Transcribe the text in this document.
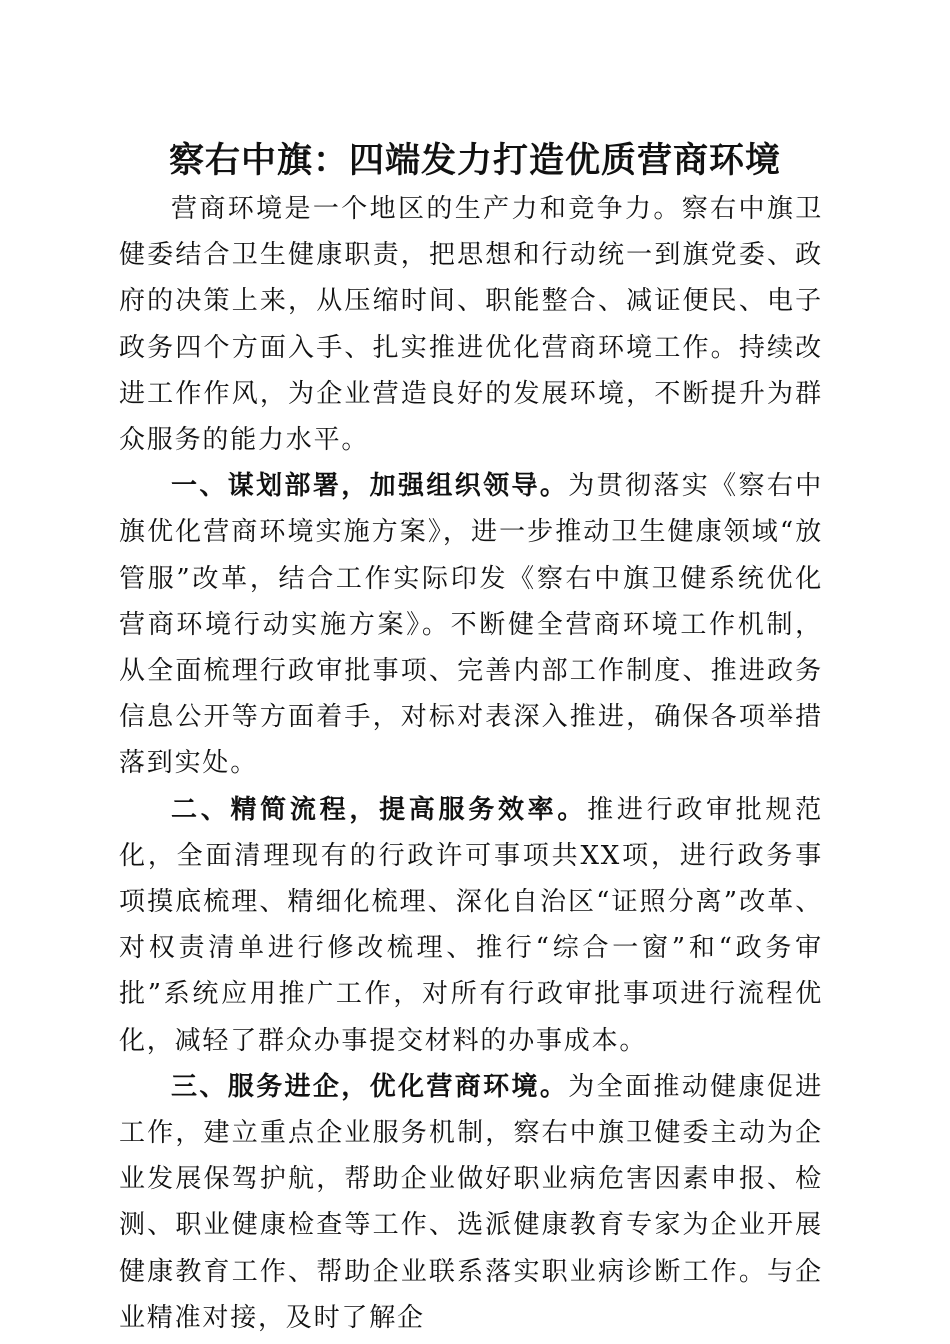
察右中旗：四端发力打造优质营商环境

营商环境是一个地区的生产力和竞争力。察右中旗卫健委结合卫生健康职责，把思想和行动统一到旗党委、政府的决策上来，从压缩时间、职能整合、减证便民、电子政务四个方面入手、扎实推进优化营商环境工作。持续改进工作作风，为企业营造良好的发展环境，不断提升为群众服务的能力水平。

一、谋划部署，加强组织领导。为贯彻落实《察右中旗优化营商环境实施方案》，进一步推动卫生健康领域“放管服”改革，结合工作实际印发《察右中旗卫健系统优化营商环境行动实施方案》。不断健全营商环境工作机制，从全面梳理行政审批事项、完善内部工作制度、推进政务信息公开等方面着手，对标对表深入推进，确保各项举措落到实处。

二、精简流程，提高服务效率。推进行政审批规范化，全面清理现有的行政许可事项共XX项，进行政务事项摸底梳理、精细化梳理、深化自治区“证照分离”改革、对权责清单进行修改梳理、推行“综合一窗”和“政务审批”系统应用推广工作，对所有行政审批事项进行流程优化，减轻了群众办事提交材料的办事成本。

三、服务进企，优化营商环境。为全面推动健康促进工作，建立重点企业服务机制，察右中旗卫健委主动为企业发展保驾护航，帮助企业做好职业病危害因素申报、检测、职业健康检查等工作、选派健康教育专家为企业开展健康教育工作、帮助企业联系落实职业病诊断工作。与企业精准对接，及时了解企
